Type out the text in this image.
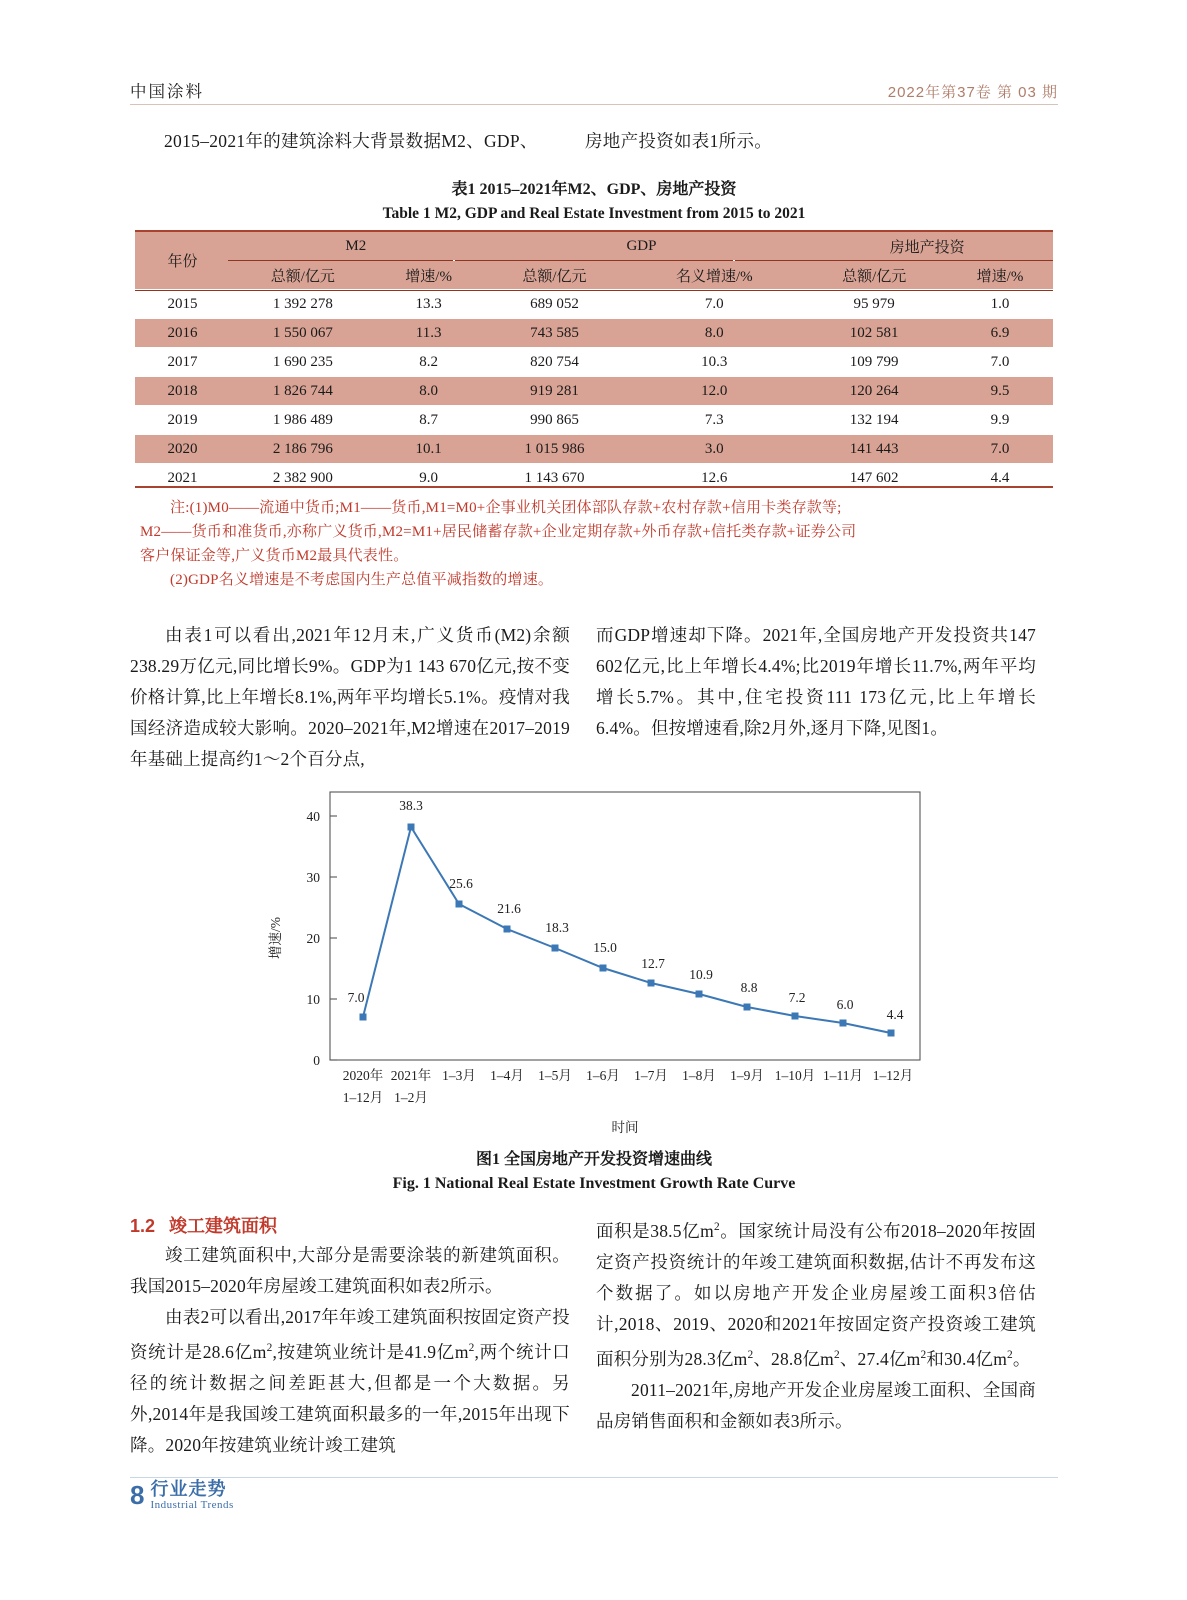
中国涂料	2022年第37卷 第 03 期
2015–2021年的建筑涂料大背景数据M2、GDP、	房地产投资如表1所示。
表1 2015–2021年M2、GDP、房地产投资
Table 1 M2, GDP and Real Estate Investment from 2015 to 2021
年份	M2		GDP		房地产投资	
	总额/亿元	增速/%	总额/亿元	名义增速/%	总额/亿元	增速/%
2015	1 392 278	13.3	689 052	7.0	95 979	1.0
2016	1 550 067	11.3	743 585	8.0	102 581	6.9
2017	1 690 235	8.2	820 754	10.3	109 799	7.0
2018	1 826 744	8.0	919 281	12.0	120 264	9.5
2019	1 986 489	8.7	990 865	7.3	132 194	9.9
2020	2 186 796	10.1	1 015 986	3.0	141 443	7.0
2021	2 382 900	9.0	1 143 670	12.6	147 602	4.4

注:(1)M0——流通中货币;M1——货币,M1=M0+企事业机关团体部队存款+农村存款+信用卡类存款等;

M2——货币和准货币,亦称广义货币,M2=M1+居民储蓄存款+企业定期存款+外币存款+信托类存款+证券公司

客户保证金等,广义货币M2最具代表性。

(2)GDP名义增速是不考虑国内生产总值平减指数的增速。

由表1可以看出,2021年12月末,广义货币(M2)余额238.29万亿元,同比增长9%。GDP为1 143 670亿元,按不变价格计算,比上年增长8.1%,两年平均增长5.1%。疫情对我国经济造成较大影响。2020–2021年,M2增速在2017–2019年基础上提高约1～2个百分点,

而GDP增速却下降。2021年,全国房地产开发投资共147 602亿元,比上年增长4.4%;比2019年增长11.7%,两年平均增长5.7%。其中,住宅投资111 173亿元,比上年增长6.4%。但按增速看,除2月外,逐月下降,见图1。

0
10
20
30
40
增速/%
7.0
38.3
25.6
21.6
18.3
15.0
12.7
10.9
8.8
7.2 6.0
4.4
2020年 2021年 1–3月 1–4月 1–5月 1–6月 1–7月 1–8月 1–9月 1–10月 1–11月 1–12月
1–12月 1–2月
时间
图1 全国房地产开发投资增速曲线
Fig. 1 National Real Estate Investment Growth Rate Curve
1.2 竣工建筑面积

竣工建筑面积中,大部分是需要涂装的新建筑面积。我国2015–2020年房屋竣工建筑面积如表2所示。

由表2可以看出,2017年年竣工建筑面积按固定资产投资统计是28.6亿$m^2$,按建筑业统计是41.9亿$m^2$,两个统计口径的统计数据之间差距甚大,但都是一个大数据。另外,2014年是我国竣工建筑面积最多的一年,2015年出现下降。2020年按建筑业统计竣工建筑

面积是38.5亿$m^2$。国家统计局没有公布2018–2020年按固定资产投资统计的年竣工建筑面积数据,估计不再发布这个数据了。如以房地产开发企业房屋竣工面积3倍估计,2018、2019、2020和2021年按固定资产投资竣工建筑面积分别为28.3亿$m^2$、28.8亿$m^2$、27.4亿$m^2$和30.4亿$m^2$。

2011–2021年,房地产开发企业房屋竣工面积、全国商品房销售面积和金额如表3所示。

8 行业走势
Industrial Trends
